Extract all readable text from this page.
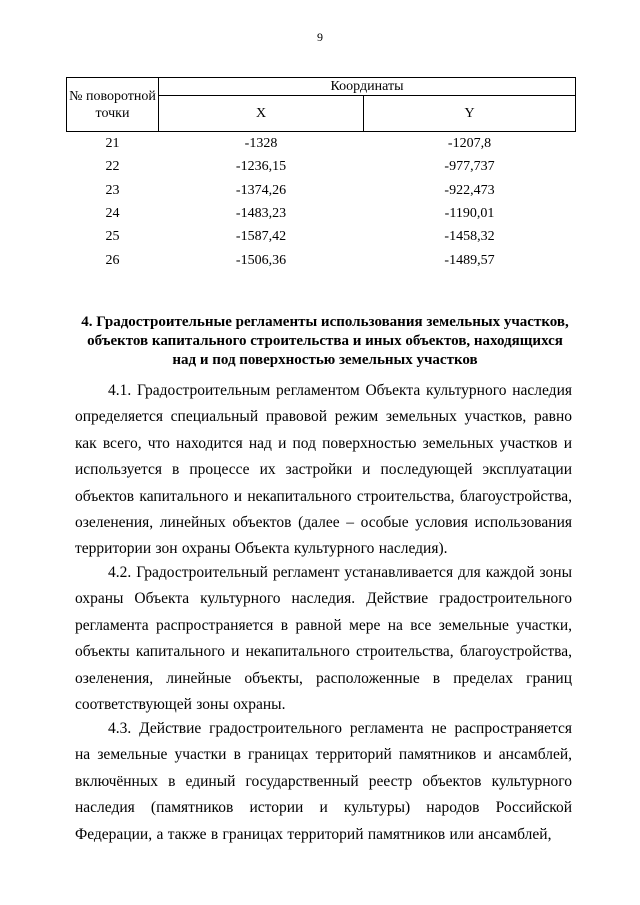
9
№ поворотной точки	Координаты	
	X	Y
21	-1328	-1207,8
22	-1236,15	-977,737
23	-1374,26	-922,473
24	-1483,23	-1190,01
25	-1587,42	-1458,32
26	-1506,36	-1489,57

4. Градостроительные регламенты использования земельных участков, объектов капитального строительства и иных объектов, находящихся над и под поверхностью земельных участков

4.1. Градостроительным регламентом Объекта культурного наследия определяется специальный правовой режим земельных участков, равно как всего, что находится над и под поверхностью земельных участков и используется в процессе их застройки и последующей эксплуатации объектов капитального и некапитального строительства, благоустройства, озеленения, линейных объектов (далее – особые условия использования территории зон охраны Объекта культурного наследия).

4.2. Градостроительный регламент устанавливается для каждой зоны охраны Объекта культурного наследия. Действие градостроительного регламента распространяется в равной мере на все земельные участки, объекты капитального и некапитального строительства, благоустройства, озеленения, линейные объекты, расположенные в пределах границ соответствующей зоны охраны.

4.3. Действие градостроительного регламента не распространяется на земельные участки в границах территорий памятников и ансамблей, включённых в единый государственный реестр объектов культурного наследия (памятников истории и культуры) народов Российской Федерации, а также в границах территорий памятников или ансамблей,
